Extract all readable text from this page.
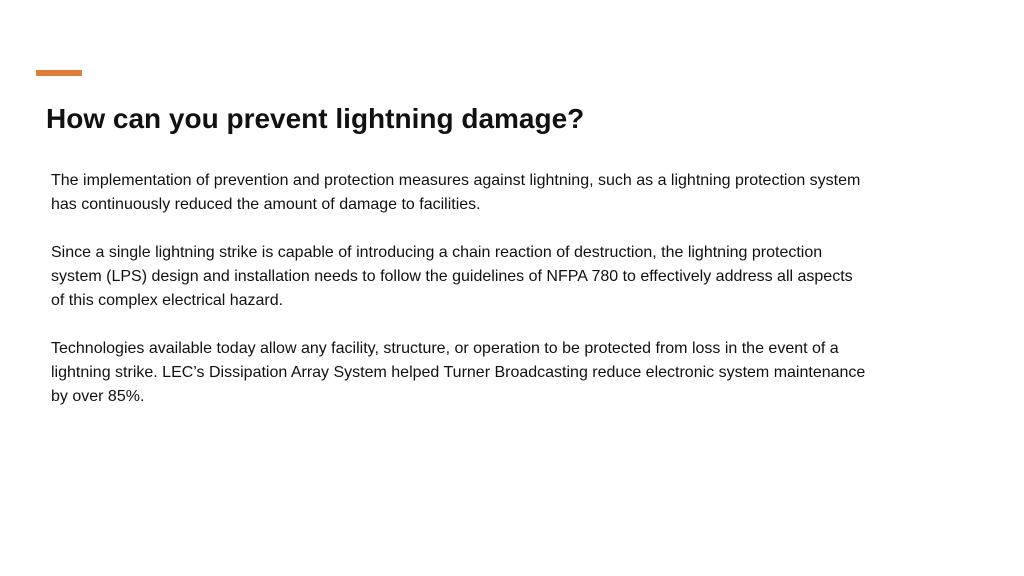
How can you prevent lightning damage?

The implementation of prevention and protection measures against lightning, such as a lightning protection system has continuously reduced the amount of damage to facilities.

Since a single lightning strike is capable of introducing a chain reaction of destruction, the lightning protection system (LPS) design and installation needs to follow the guidelines of NFPA 780 to effectively address all aspects of this complex electrical hazard.

Technologies available today allow any facility, structure, or operation to be protected from loss in the event of a lightning strike. LEC’s Dissipation Array System helped Turner Broadcasting reduce electronic system maintenance by over 85%.
